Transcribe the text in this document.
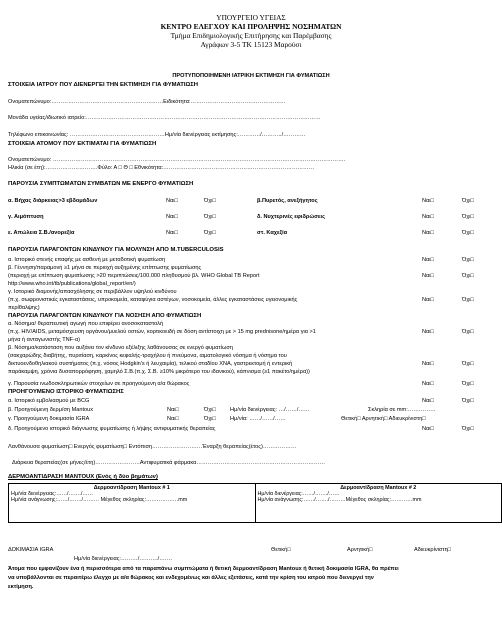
ΥΠΟΥΡΓΕΙΟ ΥΓΕΙΑΣ
ΚΕΝΤΡΟ ΕΛΕΓΧΟΥ ΚΑΙ ΠΡΟΛΗΨΗΣ ΝΟΣΗΜΑΤΩΝ
Τμήμα Επιδημιολογικής Επιτήρησης και Παρέμβασης
Αγράφων 3-5 ΤΚ 15123 Μαρούσι
ΠΡΟΤΥΠΟΠΟΙΗΜΕΝΗ ΙΑΤΡΙΚΗ ΕΚΤΙΜΗΣΗ ΓΙΑ ΦΥΜΑΤΙΩΣΗ
ΣΤΟΙΧΕΙΑ ΙΑΤΡΟΥ ΠΟΥ ΔΙΕΝΕΡΓΕΙ ΤΗΝ ΕΚΤΙΜΗΣΗ ΓΙΑ ΦΥΜΑΤΙΩΣΗ
Ονοματεπώνυμο:……………………………………………………Ειδικότητα:……………………………………………
Μονάδα υγείας/ιδιωτικό ιατρείο:………………………………………………………………………………………………………………
Τηλέφωνο επικοινωνίας: ……………………………………………Ημ/νία διενέργειας εκτίμησης:…………/………../…………
ΣΤΟΙΧΕΙΑ ΑΤΟΜΟΥ ΠΟΥ ΕΚΤΙΜΑΤΑΙ ΓΙΑ ΦΥΜΑΤΙΩΣΗ
Ονοματεπώνυμο: ………………………………………………………………………………………………………………………………………….
Ηλικία (σε έτη):……………………….Φύλο: Α □ Θ □ Εθνικότητα:………………………………………………………………………
ΠΑΡΟΥΣΙΑ ΣΥΜΠΤΩΜΑΤΩΝ ΣΥΜΒΑΤΩΝ ΜΕ ΕΝΕΡΓΟ ΦΥΜΑΤΙΩΣΗ
α. Βήχας διάρκειας>3 εβδομάδων	Ναι□	Όχι□	β.Πυρετός, ανεξήγητος	Ναι□	Όχι□
γ. Αιμόπτυση	Ναι□	Όχι□	δ. Νυχτερινές εφιδρώσεις	Ναι□	Όχι□
ε. Απώλεια Σ.Β./ανορεξία	Ναι□	Όχι□	στ. Καχεξία	Ναι□	Όχι□
ΠΑΡΟΥΣΙΑ ΠΑΡΑΓΟΝΤΩΝ ΚΙΝΔΥΝΟΥ ΓΙΑ ΜΟΛΥΝΣΗ ΑΠΟ M.TUBERCULOSIS
α. Ιστορικό στενής επαφής με ασθενή με μεταδοτική φυματίωση	Ναι□	Όχι□
β. Γέννηση/παραμονή ≥1 μήνα σε περιοχή αυξημένης επίπτωσης φυματίωσης
(περιοχή με επίπτωση φυματίωσης >20 περιπτώσεις/100.000 πληθυσμού βλ. WHO Global TB Report	Ναι□	Όχι□
http://www.who.int/tb/publications/global_report/en/)
γ. Ιστορικό διαμονής/απασχόλησης σε περιβάλλον υψηλού κινδύνου
(π.χ. σωφρονιστικές εγκαταστάσεις, υπροκομεία, καταφύγια αστέγων, νοσοκομεία, άλλες εγκαταστάσεις υγειονομικής	Ναι□	Όχι□
περίθαλψης)
ΠΑΡΟΥΣΙΑ ΠΑΡΑΓΟΝΤΩΝ ΚΙΝΔΥΝΟΥ ΓΙΑ ΝΟΣΗΣΗ ΑΠΟ ΦΥΜΑΤΙΩΣΗ
α. Νόσημα/ θεραπευτική αγωγή που επιφέρει ανοσοκαταστολή
(π.χ. HIV/AIDS, μεταμόσχευση οργάνου/μυελού οστών, κορτικοειδή σε δόση αντίστοιχη με > 15 mg prednisone/ημέρα για >1	Ναι□	Όχι□
μήνα ή ανταγωνιστής TNF-α)
β. Νόσημα/κατάσταση που αυξάνει τον κίνδυνο εξέλιξης λαθάνουσας σε ενεργό φυματίωση
(σακχαρώδης διαβήτης, πυριτίαση, καρκίνος κεφαλής-τραχήλου ή πνεύμονα, αιματολογικό νόσημα ή νόσημα του
δικτυοενδοθηλιακού συστήματος (π.χ. νόσος Hodgkin's ή λευχαιμία), τελικού σταδίου ΧΝΑ, γαστρεκτομή ή εντερική	Ναι□	Όχι□
παράκαμψη, χρόνια δυσαπορρόφηση, χαμηλό Σ.Β.(π.χ. Σ.Β. ≥10% μικρότερο του ιδανικού), κάπνισμα (≥1 πακέτο/ημέρα))
γ. Παρουσία ινωδοσκληρωτικών στοιχείων σε προηγούμενη α/α θώρακος	Ναι□	Όχι□
ΠΡΟΗΓΟΥΜΕΝΟ ΙΣΤΟΡΙΚΟ ΦΥΜΑΤΙΩΣΗΣ
α. Ιστορικό εμβολιασμού με BCG	Ναι□	Όχι□
β. Προηγούμενη δερμ/ση Mantoux	Ναι□	Όχι□	Ημ/νία διενέργειας: …/……/……	Σκληρία σε mm:……………
γ. Προηγούμενη δοκιμασία IGRA	Ναι□	Όχι□	Ημ/νία: ……/……/……	Θετική□ Αρνητική□ Αδιευκρίνιστη□
δ. Προηγούμενο ιστορικό διάγνωσης φυματίωσης ή λήψης αντιφυματικής θεραπείας	Ναι□	Όχι□
Λανθάνουσα φυματίωση□ Ενεργός φυματίωση□ Εντόπιση………………………Έναρξη θεραπείας(έτος)………………
Διάρκεια θεραπείας(σε μήνες/έτη)……………………Αντιφυματικά φάρμακα……………………………………………………………
ΔΕΡΜΟΑΝΤΙΔΡΑΣΗ MANTOUX (Ενός ή δύο βημάτων)
Δερμοαντίδραση Mantoux # 1
Ημ/νία διενέργειας:……/……./……
Ημ/νία ανάγνωσης:……/……./……… Μέγεθος σκληρίας:………………mm

Δερμοαντίδραση Mantoux # 2
Ημ/νία διενέργειας:……/……./……
Ημ/νία ανάγνωσης:……/……./………Μέγεθος σκληρίας:…………mm
ΔΟΚΙΜΑΣΙΑ IGRA	Θετική□	Αρνητική□	Αδιευκρίνιστη□
Ημ/νία διενέργειας:………/………./…….
Άτομα που εμφανίζουν ένα ή περισσότερα από τα παραπάνω συμπτώματα ή θετική δερμοαντίδραση Mantoux ή θετική δοκιμασία IGRA, θα πρέπει
να υποβάλλονται σε περαιτέρω έλεγχο με α/α θώρακος και ενδεχομένως και άλλες εξετάσεις, κατά την κρίση του ιατρού που διενεργεί την
εκτίμηση.
